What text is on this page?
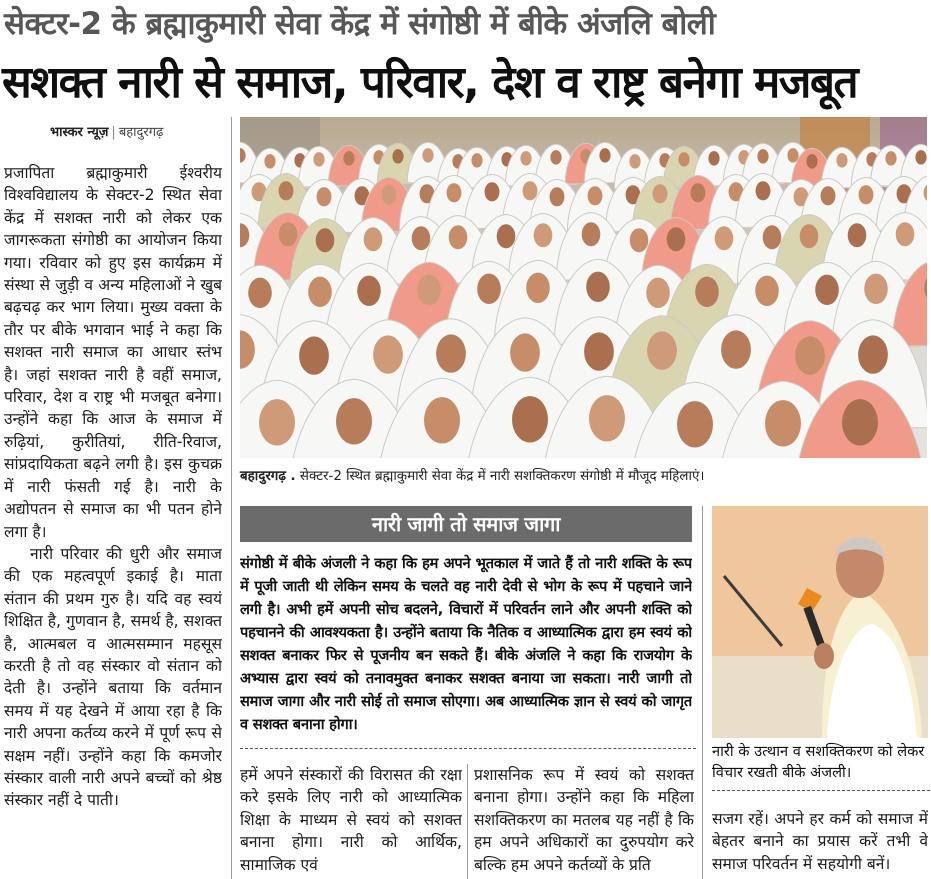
सेक्टर-2 के ब्रह्माकुमारी सेवा केंद्र में संगोष्ठी में बीके अंजलि बोली
सशक्त नारी से समाज, परिवार, देश व राष्ट्र बनेगा मजबूत
भास्कर न्यूज़ | बहादुरगढ़

प्रजापिता ब्रह्माकुमारी ईश्वरीय विश्वविद्यालय के सेक्टर-2 स्थित सेवा केंद्र में सशक्त नारी को लेकर एक जागरूकता संगोष्ठी का आयोजन किया गया। रविवार को हुए इस कार्यक्रम में संस्था से जुड़ी व अन्य महिलाओं ने खुब बढ़चढ़ कर भाग लिया। मुख्य वक्ता के तौर पर बीके भगवान भाई ने कहा कि सशक्त नारी समाज का आधार स्तंभ है। जहां सशक्त नारी है वहीं समाज, परिवार, देश व राष्ट्र भी मजबूत बनेगा। उन्होंने कहा कि आज के समाज में रुढ़ियां, कुरीतियां, रीति-रिवाज, सांप्रदायिकता बढ़ने लगी है। इस कुचक्र में नारी फंसती गई है। नारी के अद्योपतन से समाज का भी पतन होने लगा है।

नारी परिवार की धुरी और समाज की एक महत्वपूर्ण इकाई है। माता संतान की प्रथम गुरु है। यदि वह स्वयं शिक्षित है, गुणवान है, समर्थ है, सशक्त है, आत्मबल व आत्मसम्मान महसूस करती है तो वह संस्कार वो संतान को देती है। उन्होंने बताया कि वर्तमान समय में यह देखने में आया रहा है कि नारी अपना कर्तव्य करने में पूर्ण रूप से सक्षम नहीं। उन्होंने कहा कि कमजोर संस्कार वाली नारी अपने बच्चों को श्रेष्ठ संस्कार नहीं दे पाती।

बहादुरगढ़ . सेक्टर-2 स्थित ब्रह्माकुमारी सेवा केंद्र में नारी सशक्तिकरण संगोष्ठी में मौजूद महिलाएं।
नारी जागी तो समाज जागा

संगोष्ठी में बीके अंजली ने कहा कि हम अपने भूतकाल में जाते हैं तो नारी शक्ति के रूप में पूजी जाती थी लेकिन समय के चलते वह नारी देवी से भोग के रूप में पहचाने जाने लगी है। अभी हमें अपनी सोच बदलने, विचारों में परिवर्तन लाने और अपनी शक्ति को पहचानने की आवश्यकता है। उन्होंने बताया कि नैतिक व आध्यात्मिक द्वारा हम स्वयं को सशक्त बनाकर फिर से पूजनीय बन सकते हैं। बीके अंजलि ने कहा कि राजयोग के अभ्यास द्वारा स्वयं को तनावमुक्त बनाकर सशक्त बनाया जा सकता। नारी जागी तो समाज जागा और नारी सोई तो समाज सोएगा। अब आध्यात्मिक ज्ञान से स्वयं को जागृत व सशक्त बनाना होगा।

हमें अपने संस्कारों की विरासत की रक्षा करे इसके लिए नारी को आध्यात्मिक शिक्षा के माध्यम से स्वयं को सशक्त बनाना होगा। नारी को आर्थिक, सामाजिक एवं

प्रशासनिक रूप में स्वयं को सशक्त बनाना होगा। उन्होंने कहा कि महिला सशक्तिकरण का मतलब यह नहीं है कि हम अपने अधिकारों का दुरुपयोग करे बल्कि हम अपने कर्तव्यों के प्रति

नारी के उत्थान व सशक्तिकरण को लेकर विचार रखती बीके अंजली।

सजग रहें। अपने हर कर्म को समाज में बेहतर बनाने का प्रयास करें तभी वे समाज परिवर्तन में सहयोगी बनें।
